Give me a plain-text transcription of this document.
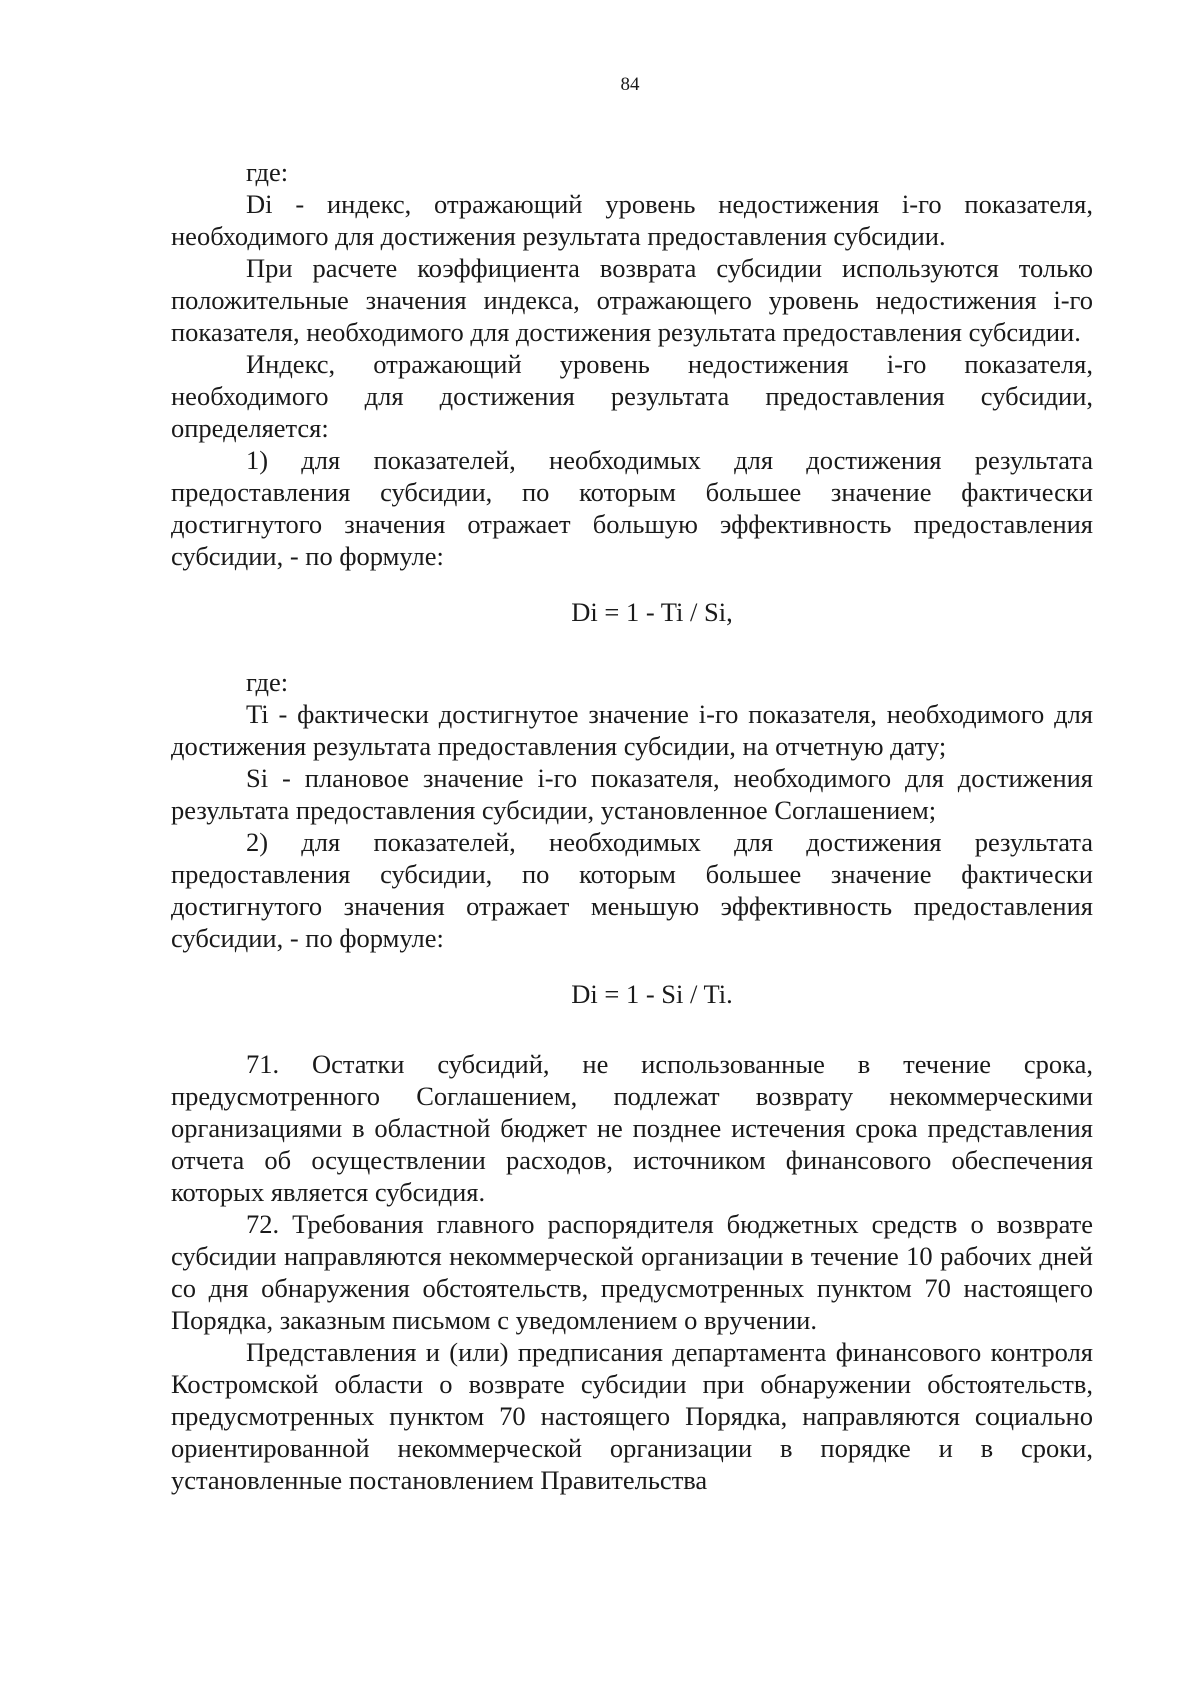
84

где:

Di - индекс, отражающий уровень недостижения i-го показателя, необходимого для достижения результата предоставления субсидии.

При расчете коэффициента возврата субсидии используются только положительные значения индекса, отражающего уровень недостижения i-го показателя, необходимого для достижения результата предоставления субсидии.

Индекс, отражающий уровень недостижения i-го показателя, необходимого для достижения результата предоставления субсидии, определяется:

1) для показателей, необходимых для достижения результата предоставления субсидии, по которым большее значение фактически достигнутого значения отражает большую эффективность предоставления субсидии, - по формуле:

Di = 1 - Ti / Si,

где:

Ti - фактически достигнутое значение i-го показателя, необходимого для достижения результата предоставления субсидии, на отчетную дату;

Si - плановое значение i-го показателя, необходимого для достижения результата предоставления субсидии, установленное Соглашением;

2) для показателей, необходимых для достижения результата предоставления субсидии, по которым большее значение фактически достигнутого значения отражает меньшую эффективность предоставления субсидии, - по формуле:

Di = 1 - Si / Ti.

71. Остатки субсидий, не использованные в течение срока, предусмотренного Соглашением, подлежат возврату некоммерческими организациями в областной бюджет не позднее истечения срока представления отчета об осуществлении расходов, источником финансового обеспечения которых является субсидия.

72. Требования главного распорядителя бюджетных средств о возврате субсидии направляются некоммерческой организации в течение 10 рабочих дней со дня обнаружения обстоятельств, предусмотренных пунктом 70 настоящего Порядка, заказным письмом с уведомлением о вручении.

Представления и (или) предписания департамента финансового контроля Костромской области о возврате субсидии при обнаружении обстоятельств, предусмотренных пунктом 70 настоящего Порядка, направляются социально ориентированной некоммерческой организации в порядке и в сроки, установленные постановлением Правительства
